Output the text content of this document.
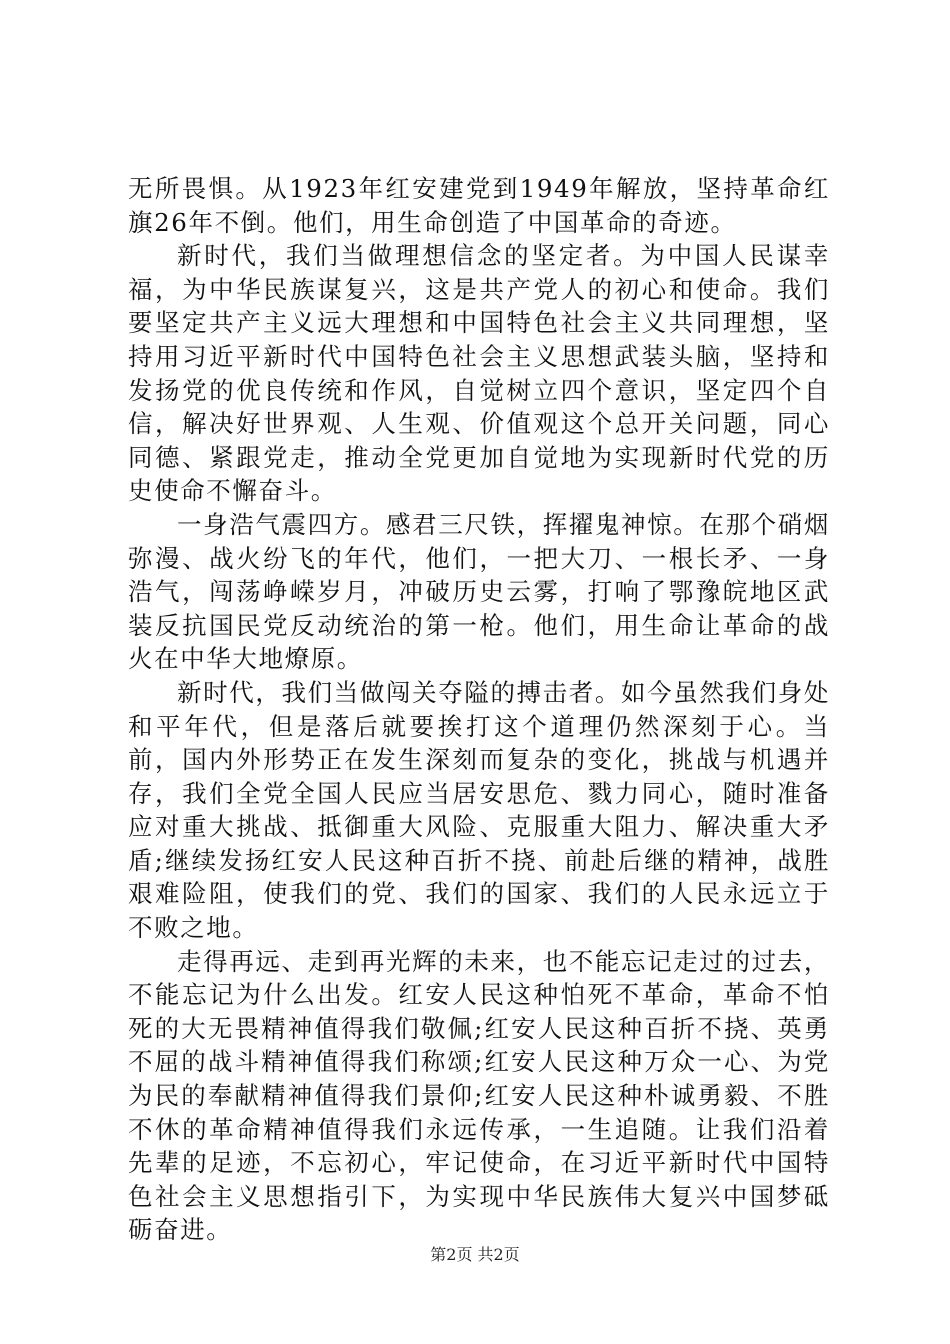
无所畏惧。从1923年红安建党到1949年解放，坚持革命红旗26年不倒。他们，用生命创造了中国革命的奇迹。

新时代，我们当做理想信念的坚定者。为中国人民谋幸福，为中华民族谋复兴，这是共产党人的初心和使命。我们要坚定共产主义远大理想和中国特色社会主义共同理想，坚持用习近平新时代中国特色社会主义思想武装头脑，坚持和发扬党的优良传统和作风，自觉树立四个意识，坚定四个自信，解决好世界观、人生观、价值观这个总开关问题，同心同德、紧跟党走，推动全党更加自觉地为实现新时代党的历史使命不懈奋斗。

一身浩气震四方。感君三尺铁，挥擢鬼神惊。在那个硝烟弥漫、战火纷飞的年代，他们，一把大刀、一根长矛、一身浩气，闯荡峥嵘岁月，冲破历史云雾，打响了鄂豫皖地区武装反抗国民党反动统治的第一枪。他们，用生命让革命的战火在中华大地燎原。

新时代，我们当做闯关夺隘的搏击者。如今虽然我们身处和平年代，但是落后就要挨打这个道理仍然深刻于心。当前，国内外形势正在发生深刻而复杂的变化，挑战与机遇并存，我们全党全国人民应当居安思危、戮力同心，随时准备应对重大挑战、抵御重大风险、克服重大阻力、解决重大矛盾;继续发扬红安人民这种百折不挠、前赴后继的精神，战胜艰难险阻，使我们的党、我们的国家、我们的人民永远立于不败之地。

走得再远、走到再光辉的未来，也不能忘记走过的过去，不能忘记为什么出发。红安人民这种怕死不革命，革命不怕死的大无畏精神值得我们敬佩;红安人民这种百折不挠、英勇不屈的战斗精神值得我们称颂;红安人民这种万众一心、为党为民的奉献精神值得我们景仰;红安人民这种朴诚勇毅、不胜不休的革命精神值得我们永远传承，一生追随。让我们沿着先辈的足迹，不忘初心，牢记使命，在习近平新时代中国特色社会主义思想指引下，为实现中华民族伟大复兴中国梦砥砺奋进。

第2页 共2页
